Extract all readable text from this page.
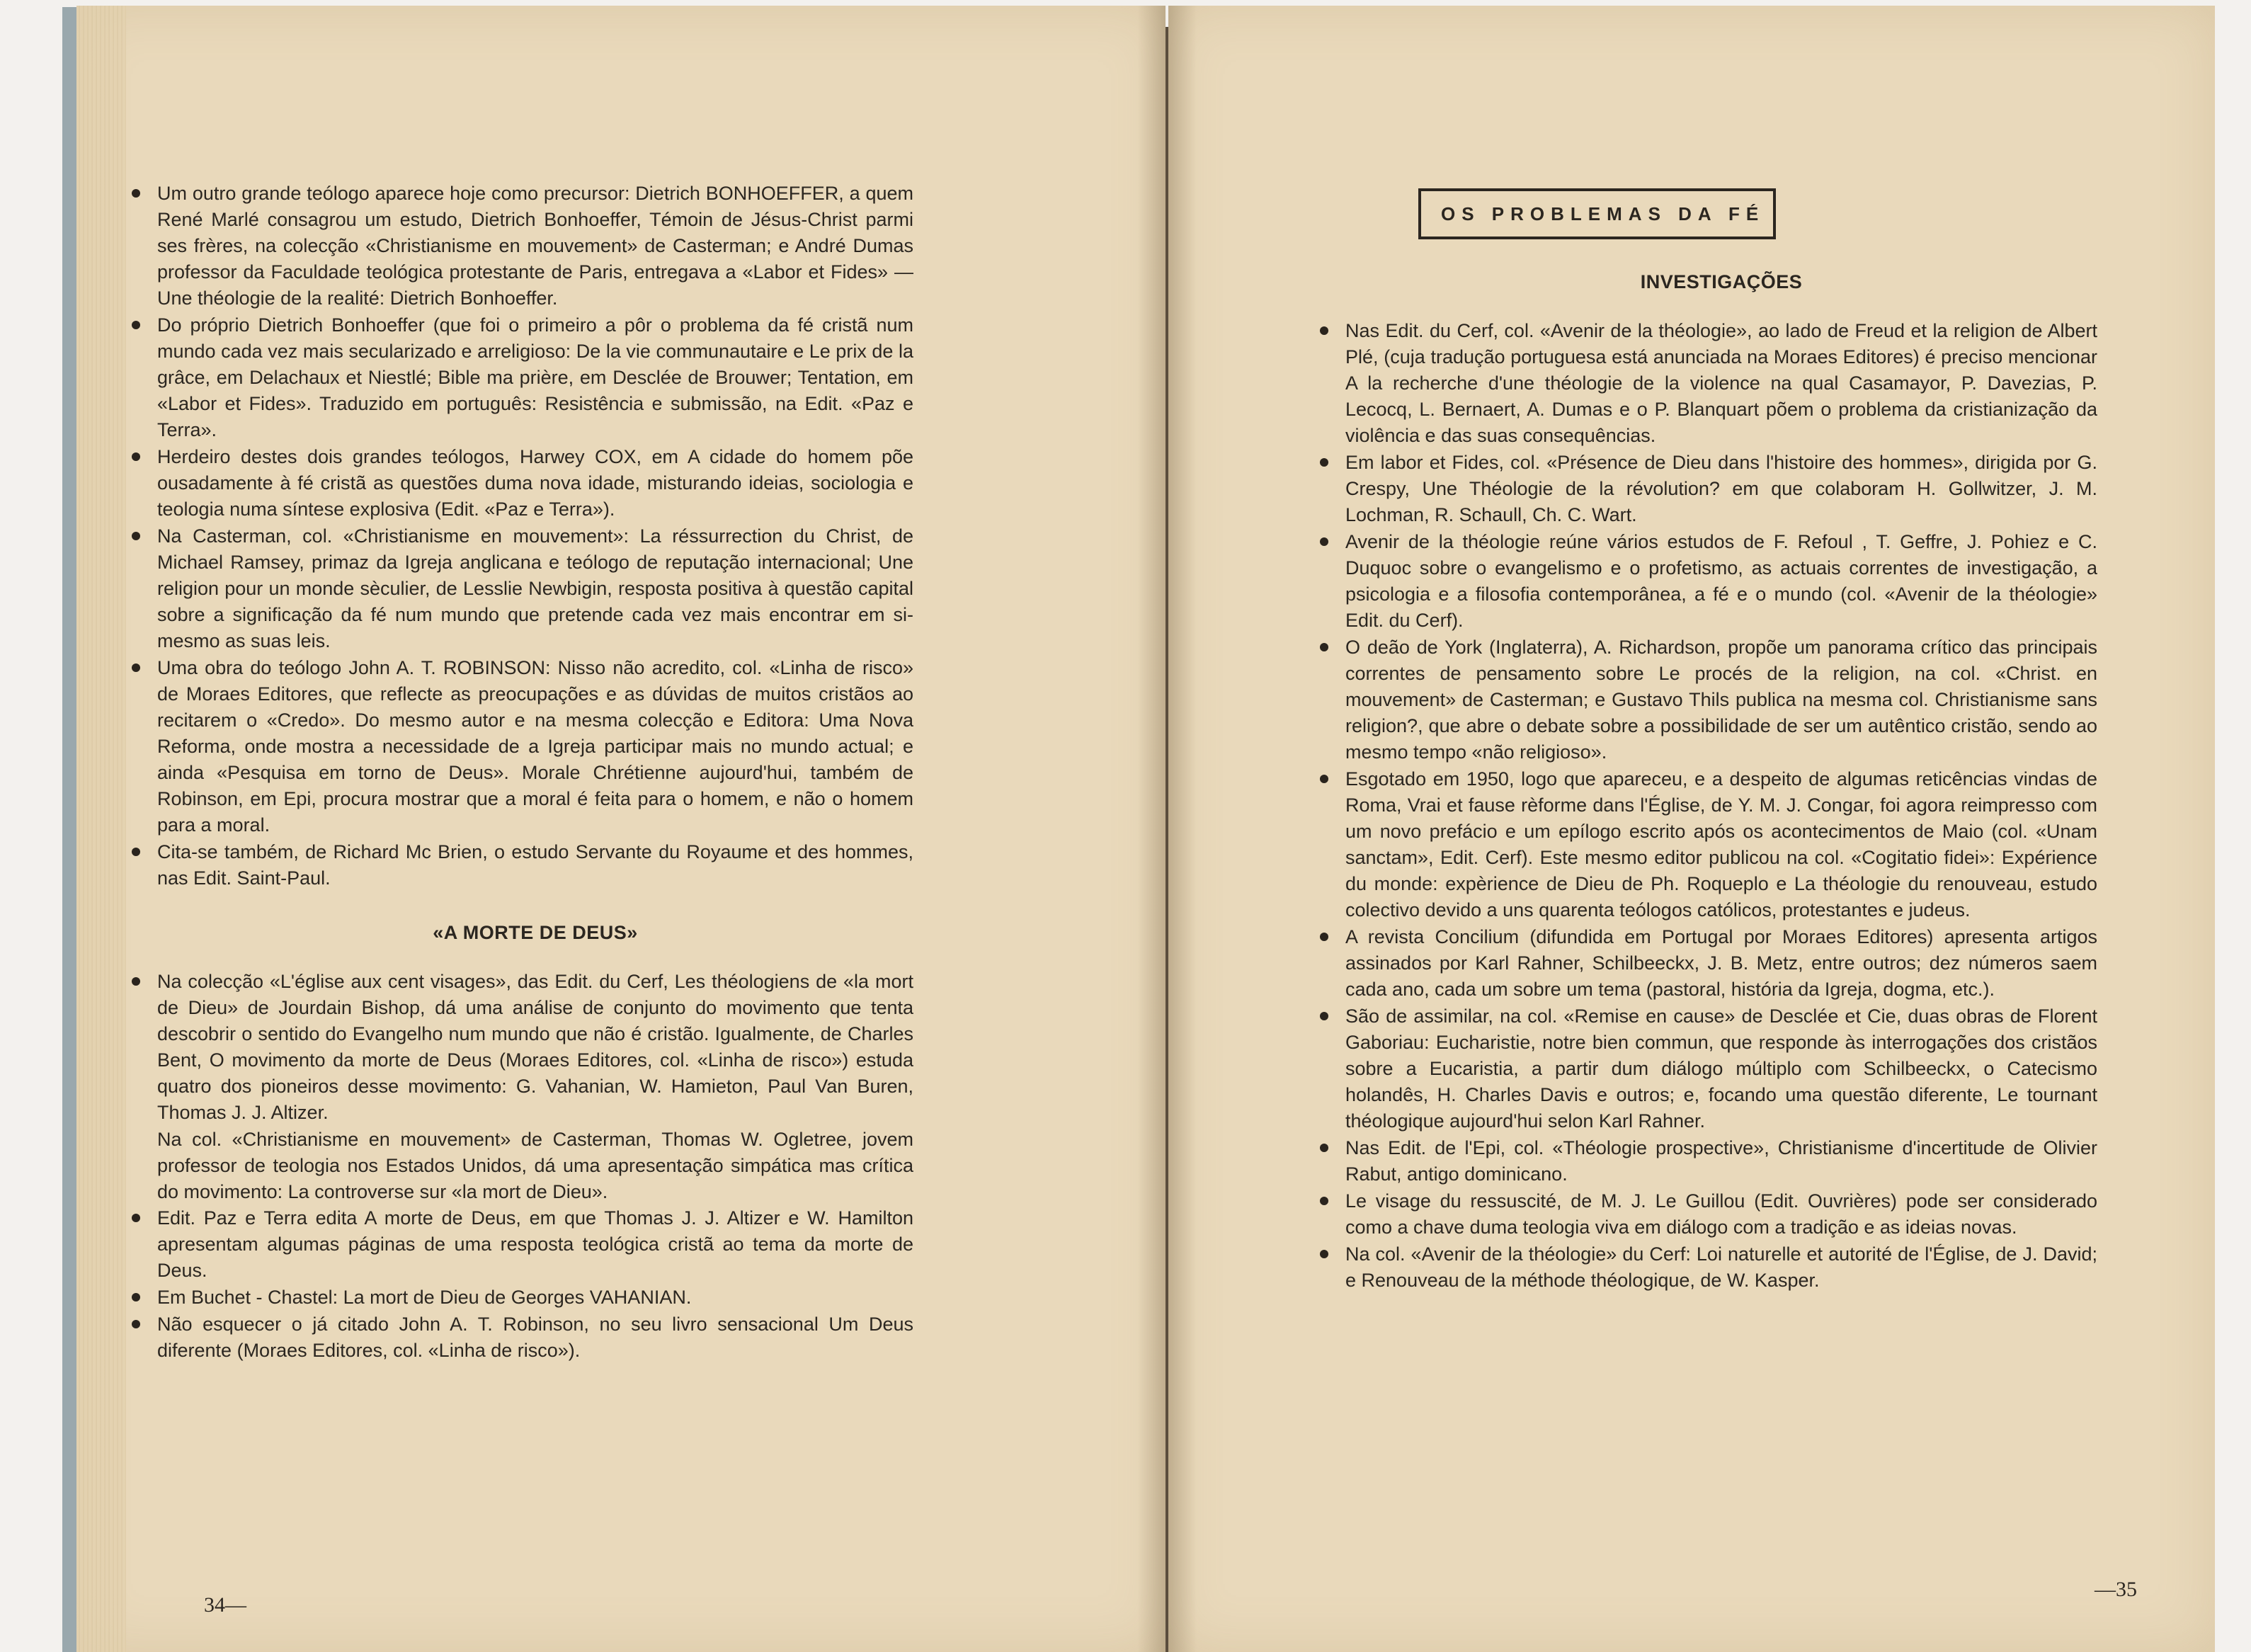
Um outro grande teólogo aparece hoje como precursor: Dietrich BONHOEFFER, a quem René Marlé consagrou um estudo, Dietrich Bonhoeffer, Témoin de Jésus-Christ parmi ses frères, na colecção «Christianisme en mouvement» de Casterman; e André Dumas professor da Faculdade teológica protestante de Paris, entregava a «Labor et Fides» — Une théologie de la realité: Dietrich Bonhoeffer.

Do próprio Dietrich Bonhoeffer (que foi o primeiro a pôr o problema da fé cristã num mundo cada vez mais secularizado e arreligioso: De la vie communautaire e Le prix de la grâce, em Delachaux et Niestlé; Bible ma prière, em Desclée de Brouwer; Tentation, em «Labor et Fides». Traduzido em português: Resistência e submissão, na Edit. «Paz e Terra».

Herdeiro destes dois grandes teólogos, Harwey COX, em A cidade do homem põe ousadamente à fé cristã as questões duma nova idade, misturando ideias, sociologia e teologia numa síntese explosiva (Edit. «Paz e Terra»).

Na Casterman, col. «Christianisme en mouvement»: La réssurrection du Christ, de Michael Ramsey, primaz da Igreja anglicana e teólogo de reputação internacional; Une religion pour un monde sèculier, de Lesslie Newbigin, resposta positiva à questão capital sobre a significação da fé num mundo que pretende cada vez mais encontrar em si-mesmo as suas leis.

Uma obra do teólogo John A. T. ROBINSON: Nisso não acredito, col. «Linha de risco» de Moraes Editores, que reflecte as preocupações e as dúvidas de muitos cristãos ao recitarem o «Credo». Do mesmo autor e na mesma colecção e Editora: Uma Nova Reforma, onde mostra a necessidade de a Igreja participar mais no mundo actual; e ainda «Pesquisa em torno de Deus». Morale Chrétienne aujourd'hui, também de Robinson, em Epi, procura mostrar que a moral é feita para o homem, e não o homem para a moral.

Cita-se também, de Richard Mc Brien, o estudo Servante du Royaume et des hommes, nas Edit. Saint-Paul.

«A MORTE DE DEUS»

Na colecção «L'église aux cent visages», das Edit. du Cerf, Les théologiens de «la mort de Dieu» de Jourdain Bishop, dá uma análise de conjunto do movimento que tenta descobrir o sentido do Evangelho num mundo que não é cristão. Igualmente, de Charles Bent, O movimento da morte de Deus (Moraes Editores, col. «Linha de risco») estuda quatro dos pioneiros desse movimento: G. Vahanian, W. Hamieton, Paul Van Buren, Thomas J. J. Altizer.

Na col. «Christianisme en mouvement» de Casterman, Thomas W. Ogletree, jovem professor de teologia nos Estados Unidos, dá uma apresentação simpática mas crítica do movimento: La controverse sur «la mort de Dieu».

Edit. Paz e Terra edita A morte de Deus, em que Thomas J. J. Altizer e W. Hamilton apresentam algumas páginas de uma resposta teológica cristã ao tema da morte de Deus.

Em Buchet - Chastel: La mort de Dieu de Georges VAHANIAN.

Não esquecer o já citado John A. T. Robinson, no seu livro sensacional Um Deus diferente (Moraes Editores, col. «Linha de risco»).

34—
OS PROBLEMAS DA FÉ
INVESTIGAÇÕES

Nas Edit. du Cerf, col. «Avenir de la théologie», ao lado de Freud et la religion de Albert Plé, (cuja tradução portuguesa está anunciada na Moraes Editores) é preciso mencionar A la recherche d'une théologie de la violence na qual Casamayor, P. Davezias, P. Lecocq, L. Bernaert, A. Dumas e o P. Blanquart põem o problema da cristianização da violência e das suas consequências.

Em labor et Fides, col. «Présence de Dieu dans l'histoire des hommes», dirigida por G. Crespy, Une Théologie de la révolution? em que colaboram H. Gollwitzer, J. M. Lochman, R. Schaull, Ch. C. Wart.

Avenir de la théologie reúne vários estudos de F. Refoul , T. Geffre, J. Pohiez e C. Duquoc sobre o evangelismo e o profetismo, as actuais correntes de investigação, a psicologia e a filosofia contemporânea, a fé e o mundo (col. «Avenir de la théologie» Edit. du Cerf).

O deão de York (Inglaterra), A. Richardson, propõe um panorama crítico das principais correntes de pensamento sobre Le procés de la religion, na col. «Christ. en mouvement» de Casterman; e Gustavo Thils publica na mesma col. Christianisme sans religion?, que abre o debate sobre a possibilidade de ser um autêntico cristão, sendo ao mesmo tempo «não religioso».

Esgotado em 1950, logo que apareceu, e a despeito de algumas reticências vindas de Roma, Vrai et fause rèforme dans l'Église, de Y. M. J. Congar, foi agora reimpresso com um novo prefácio e um epílogo escrito após os acontecimentos de Maio (col. «Unam sanctam», Edit. Cerf). Este mesmo editor publicou na col. «Cogitatio fidei»: Expérience du monde: expèrience de Dieu de Ph. Roqueplo e La théologie du renouveau, estudo colectivo devido a uns quarenta teólogos católicos, protestantes e judeus.

A revista Concilium (difundida em Portugal por Moraes Editores) apresenta artigos assinados por Karl Rahner, Schilbeeckx, J. B. Metz, entre outros; dez números saem cada ano, cada um sobre um tema (pastoral, história da Igreja, dogma, etc.).

São de assimilar, na col. «Remise en cause» de Desclée et Cie, duas obras de Florent Gaboriau: Eucharistie, notre bien commun, que responde às interrogações dos cristãos sobre a Eucaristia, a partir dum diálogo múltiplo com Schilbeeckx, o Catecismo holandês, H. Charles Davis e outros; e, focando uma questão diferente, Le tournant théologique aujourd'hui selon Karl Rahner.

Nas Edit. de l'Epi, col. «Théologie prospective», Christianisme d'incertitude de Olivier Rabut, antigo dominicano.

Le visage du ressuscité, de M. J. Le Guillou (Edit. Ouvrières) pode ser considerado como a chave duma teologia viva em diálogo com a tradição e as ideias novas.

Na col. «Avenir de la théologie» du Cerf: Loi naturelle et autorité de l'Église, de J. David; e Renouveau de la méthode théologique, de W. Kasper.

—35
